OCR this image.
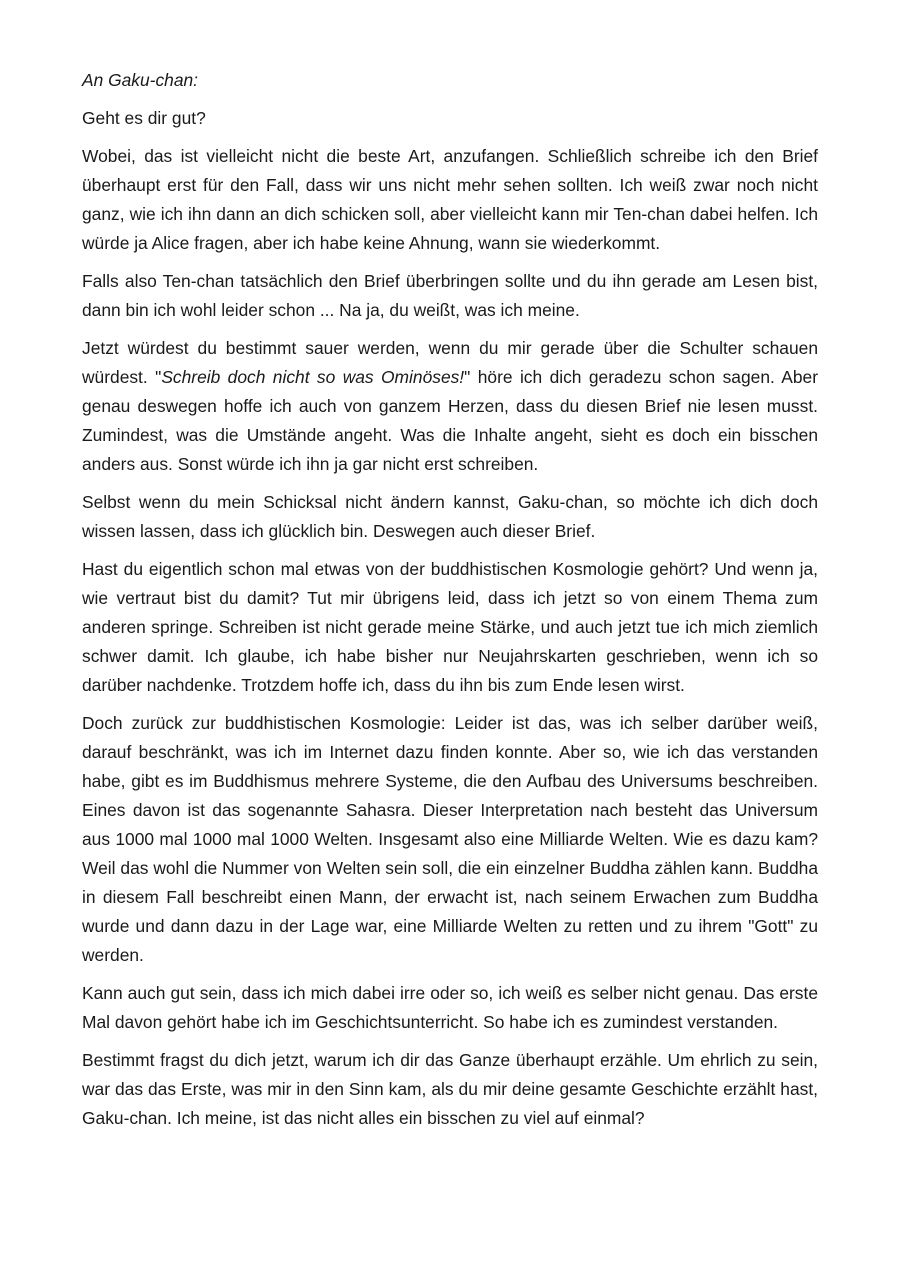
An Gaku-chan:

Geht es dir gut?

Wobei, das ist vielleicht nicht die beste Art, anzufangen. Schließlich schreibe ich den Brief überhaupt erst für den Fall, dass wir uns nicht mehr sehen sollten. Ich weiß zwar noch nicht ganz, wie ich ihn dann an dich schicken soll, aber vielleicht kann mir Ten-chan dabei helfen. Ich würde ja Alice fragen, aber ich habe keine Ahnung, wann sie wiederkommt.

Falls also Ten-chan tatsächlich den Brief überbringen sollte und du ihn gerade am Lesen bist, dann bin ich wohl leider schon ... Na ja, du weißt, was ich meine.

Jetzt würdest du bestimmt sauer werden, wenn du mir gerade über die Schulter schauen würdest. "Schreib doch nicht so was Ominöses!" höre ich dich geradezu schon sagen. Aber genau deswegen hoffe ich auch von ganzem Herzen, dass du diesen Brief nie lesen musst. Zumindest, was die Umstände angeht. Was die Inhalte angeht, sieht es doch ein bisschen anders aus. Sonst würde ich ihn ja gar nicht erst schreiben.

Selbst wenn du mein Schicksal nicht ändern kannst, Gaku-chan, so möchte ich dich doch wissen lassen, dass ich glücklich bin. Deswegen auch dieser Brief.

Hast du eigentlich schon mal etwas von der buddhistischen Kosmologie gehört? Und wenn ja, wie vertraut bist du damit? Tut mir übrigens leid, dass ich jetzt so von einem Thema zum anderen springe. Schreiben ist nicht gerade meine Stärke, und auch jetzt tue ich mich ziemlich schwer damit. Ich glaube, ich habe bisher nur Neujahrskarten geschrieben, wenn ich so darüber nachdenke. Trotzdem hoffe ich, dass du ihn bis zum Ende lesen wirst.

Doch zurück zur buddhistischen Kosmologie: Leider ist das, was ich selber darüber weiß, darauf beschränkt, was ich im Internet dazu finden konnte. Aber so, wie ich das verstanden habe, gibt es im Buddhismus mehrere Systeme, die den Aufbau des Universums beschreiben. Eines davon ist das sogenannte Sahasra. Dieser Interpretation nach besteht das Universum aus 1000 mal 1000 mal 1000 Welten. Insgesamt also eine Milliarde Welten. Wie es dazu kam? Weil das wohl die Nummer von Welten sein soll, die ein einzelner Buddha zählen kann. Buddha in diesem Fall beschreibt einen Mann, der erwacht ist, nach seinem Erwachen zum Buddha wurde und dann dazu in der Lage war, eine Milliarde Welten zu retten und zu ihrem "Gott" zu werden.

Kann auch gut sein, dass ich mich dabei irre oder so, ich weiß es selber nicht genau. Das erste Mal davon gehört habe ich im Geschichtsunterricht. So habe ich es zumindest verstanden.

Bestimmt fragst du dich jetzt, warum ich dir das Ganze überhaupt erzähle. Um ehrlich zu sein, war das das Erste, was mir in den Sinn kam, als du mir deine gesamte Geschichte erzählt hast, Gaku-chan. Ich meine, ist das nicht alles ein bisschen zu viel auf einmal?
